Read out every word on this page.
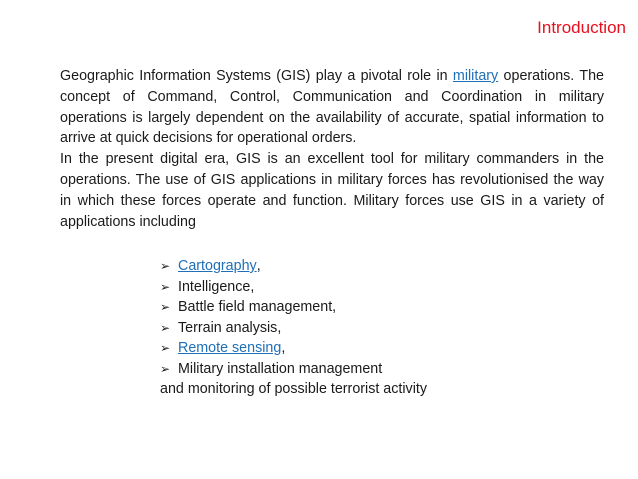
Introduction

Geographic Information Systems (GIS) play a pivotal role in military operations. The concept of Command, Control, Communication and Coordination in military operations is largely dependent on the availability of accurate, spatial information to arrive at quick decisions for operational orders.

In the present digital era, GIS is an excellent tool for military commanders in the operations. The use of GIS applications in military forces has revolutionised the way in which these forces operate and function. Military forces use GIS in a variety of applications including

➢ Cartography ,
➢ Intelligence,
➢ Battle field management,
➢ Terrain analysis,
➢ Remote sensing ,
➢ Military installation management
and monitoring of possible terrorist activity
